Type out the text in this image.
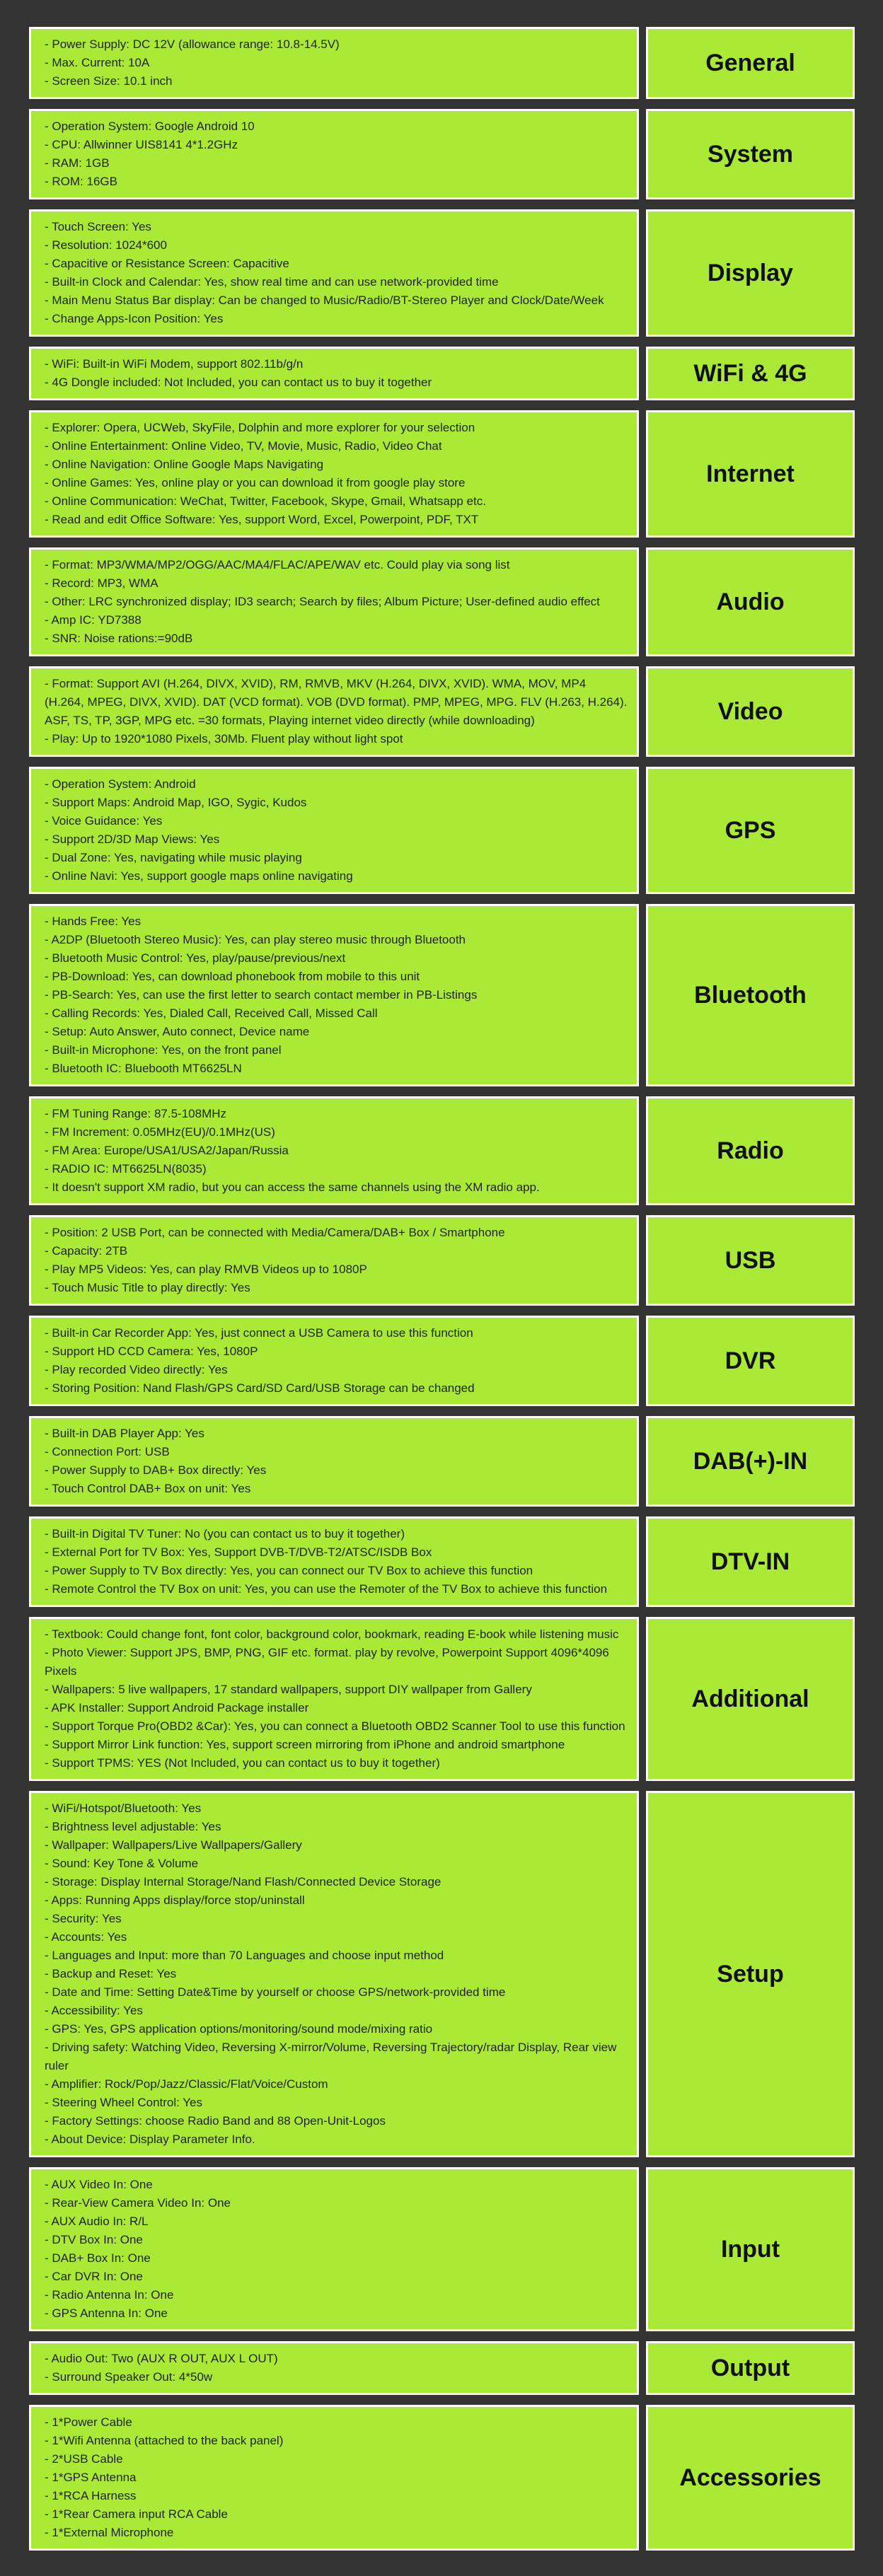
- Power Supply: DC 12V (allowance range: 10.8-14.5V)

- Max. Current: 10A

- Screen Size: 10.1 inch

General

- Operation System: Google Android 10

- CPU: Allwinner UIS8141 4*1.2GHz

- RAM: 1GB

- ROM: 16GB

System

- Touch Screen: Yes

- Resolution: 1024*600

- Capacitive or Resistance Screen: Capacitive

- Built-in Clock and Calendar: Yes, show real time and can use network-provided time

- Main Menu Status Bar display: Can be changed to Music/Radio/BT-Stereo Player and Clock/Date/Week

- Change Apps-Icon Position: Yes

Display

- WiFi: Built-in WiFi Modem, support 802.11b/g/n

- 4G Dongle included: Not Included, you can contact us to buy it together	WiFi & 4G

- Explorer: Opera, UCWeb, SkyFile, Dolphin and more explorer for your selection

- Online Entertainment: Online Video, TV, Movie, Music, Radio, Video Chat

- Online Navigation: Online Google Maps Navigating

- Online Games: Yes, online play or you can download it from google play store

- Online Communication: WeChat, Twitter, Facebook, Skype, Gmail, Whatsapp etc.

- Read and edit Office Software: Yes, support Word, Excel, Powerpoint, PDF, TXT

Internet

- Format: MP3/WMA/MP2/OGG/AAC/MA4/FLAC/APE/WAV etc. Could play via song list

- Record: MP3, WMA

- Other: LRC synchronized display; ID3 search; Search by files; Album Picture; User-defined audio effect

- Amp IC: YD7388

- SNR: Noise rations:=90dB

Audio

- Format: Support AVI (H.264, DIVX, XVID), RM, RMVB, MKV (H.264, DIVX, XVID). WMA, MOV, MP4 (H.264, MPEG, DIVX, XVID). DAT (VCD format). VOB (DVD format). PMP, MPEG, MPG. FLV (H.263, H.264). ASF, TS, TP, 3GP, MPG etc. =30 formats, Playing internet video directly (while downloading)

- Play: Up to 1920*1080 Pixels, 30Mb. Fluent play without light spot

Video

- Operation System: Android

- Support Maps: Android Map, IGO, Sygic, Kudos

- Voice Guidance: Yes

- Support 2D/3D Map Views: Yes

- Dual Zone: Yes, navigating while music playing

- Online Navi: Yes, support google maps online navigating

GPS

- Hands Free: Yes

- A2DP (Bluetooth Stereo Music): Yes, can play stereo music through Bluetooth

- Bluetooth Music Control: Yes, play/pause/previous/next

- PB-Download: Yes, can download phonebook from mobile to this unit

- PB-Search: Yes, can use the first letter to search contact member in PB-Listings

- Calling Records: Yes, Dialed Call, Received Call, Missed Call

- Setup: Auto Answer, Auto connect, Device name

- Built-in Microphone: Yes, on the front panel

- Bluetooth IC: Bluebooth MT6625LN

Bluetooth

- FM Tuning Range: 87.5-108MHz

- FM Increment: 0.05MHz(EU)/0.1MHz(US)

- FM Area: Europe/USA1/USA2/Japan/Russia

- RADIO IC: MT6625LN(8035)

- It doesn't support XM radio, but you can access the same channels using the XM radio app.

Radio

- Position: 2 USB Port, can be connected with Media/Camera/DAB+ Box / Smartphone

- Capacity: 2TB

- Play MP5 Videos: Yes, can play RMVB Videos up to 1080P

- Touch Music Title to play directly: Yes

USB

- Built-in Car Recorder App: Yes, just connect a USB Camera to use this function

- Support HD CCD Camera: Yes, 1080P

- Play recorded Video directly: Yes

- Storing Position: Nand Flash/GPS Card/SD Card/USB Storage can be changed

DVR

- Built-in DAB Player App: Yes

- Connection Port: USB

- Power Supply to DAB+ Box directly: Yes

- Touch Control DAB+ Box on unit: Yes

DAB(+)-IN

- Built-in Digital TV Tuner: No (you can contact us to buy it together)

- External Port for TV Box: Yes, Support DVB-T/DVB-T2/ATSC/ISDB Box

- Power Supply to TV Box directly: Yes, you can connect our TV Box to achieve this function

- Remote Control the TV Box on unit: Yes, you can use the Remoter of the TV Box to achieve this function

DTV-IN

- Textbook: Could change font, font color, background color, bookmark, reading E-book while listening music

- Photo Viewer: Support JPS, BMP, PNG, GIF etc. format. play by revolve, Powerpoint Support 4096*4096 Pixels

- Wallpapers: 5 live wallpapers, 17 standard wallpapers, support DIY wallpaper from Gallery

- APK Installer: Support Android Package installer

- Support Torque Pro(OBD2 &Car): Yes, you can connect a Bluetooth OBD2 Scanner Tool to use this function

- Support Mirror Link function: Yes, support screen mirroring from iPhone and android smartphone

- Support TPMS: YES (Not Included, you can contact us to buy it together)

Additional

- WiFi/Hotspot/Bluetooth: Yes

- Brightness level adjustable: Yes

- Wallpaper: Wallpapers/Live Wallpapers/Gallery

- Sound: Key Tone & Volume

- Storage: Display Internal Storage/Nand Flash/Connected Device Storage

- Apps: Running Apps display/force stop/uninstall

- Security: Yes

- Accounts: Yes

- Languages and Input: more than 70 Languages and choose input method

- Backup and Reset: Yes

- Date and Time: Setting Date&Time by yourself or choose GPS/network-provided time

- Accessibility: Yes

- GPS: Yes, GPS application options/monitoring/sound mode/mixing ratio

- Driving safety: Watching Video, Reversing X-mirror/Volume, Reversing Trajectory/radar Display, Rear view ruler

- Amplifier: Rock/Pop/Jazz/Classic/Flat/Voice/Custom

- Steering Wheel Control: Yes

- Factory Settings: choose Radio Band and 88 Open-Unit-Logos

- About Device: Display Parameter Info.

Setup

- AUX Video In: One

- Rear-View Camera Video In: One

- AUX Audio In: R/L

- DTV Box In: One

- DAB+ Box In: One

- Car DVR In: One

- Radio Antenna In: One

- GPS Antenna In: One

Input

- Audio Out: Two (AUX R OUT, AUX L OUT)

- Surround Speaker Out: 4*50w	Output

- 1*Power Cable

- 1*Wifi Antenna (attached to the back panel)

- 2*USB Cable

- 1*GPS Antenna

- 1*RCA Harness

- 1*Rear Camera input RCA Cable

- 1*External Microphone

Accessories
